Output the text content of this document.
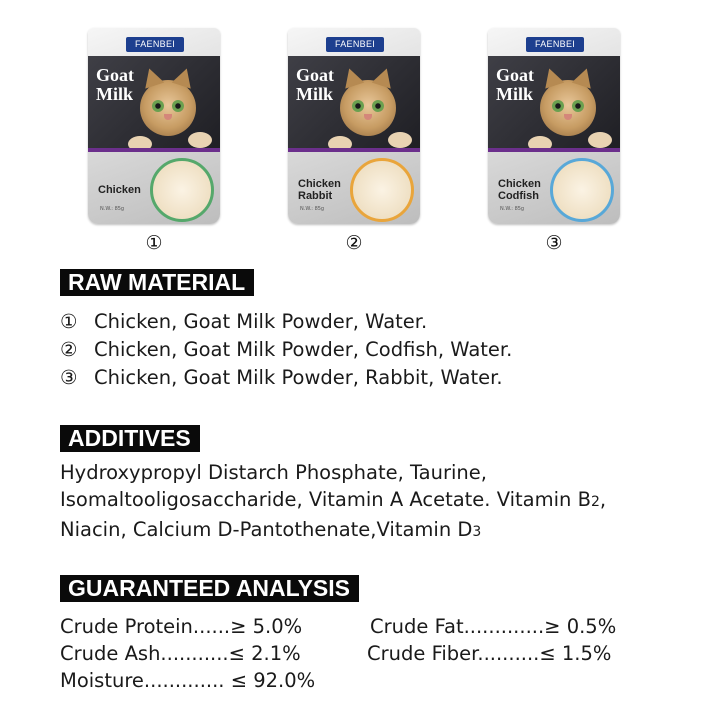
FAENBEI
Goat Milk
Chicken
N.W.: 85g
①
FAENBEI
Goat Milk
Chicken Rabbit
N.W.: 85g
②
FAENBEI
Goat Milk
Chicken Codfish
N.W.: 85g
③
RAW MATERIAL
① Chicken, Goat Milk Powder, Water.
② Chicken, Goat Milk Powder, Codfish, Water.
③ Chicken, Goat Milk Powder, Rabbit, Water.
ADDITIVES
Hydroxypropyl Distarch Phosphate, Taurine,
Isomaltooligosaccharide, Vitamin A Acetate. Vitamin B2,
Niacin, Calcium D-Pantothenate,Vitamin D3
GUARANTEED ANALYSIS
Crude Protein......≥ 5.0%	Crude Fat.............≥ 0.5%
Crude Ash...........≤ 2.1%	Crude Fiber..........≤ 1.5%
Moisture............. ≤ 92.0%
